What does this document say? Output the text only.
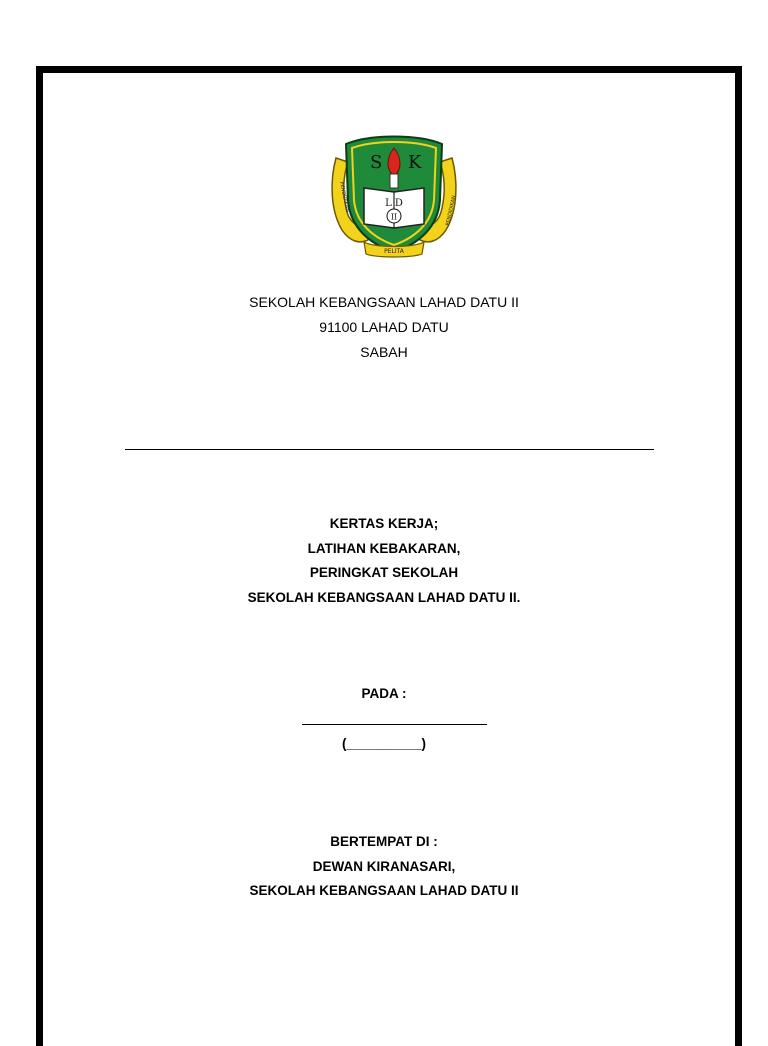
S K
L D
II
PELITA
PENDIDIKAN	PENDIDIKAN
SEKOLAH KEBANGSAAN LAHAD DATU II
91100 LAHAD DATU
SABAH
KERTAS KERJA;
LATIHAN KEBAKARAN,
PERINGKAT SEKOLAH
SEKOLAH KEBANGSAAN LAHAD DATU II.
PADA :
(__________)
BERTEMPAT DI :
DEWAN KIRANASARI,
SEKOLAH KEBANGSAAN LAHAD DATU II
